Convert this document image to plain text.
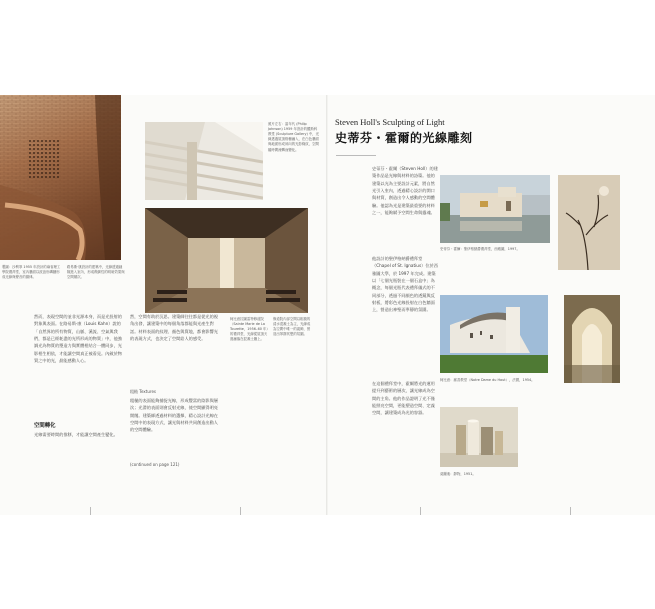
照片左右：當年代 (Philip Johnson) 1959 年設計的羅斯科教堂 (Sculpture Gallery) 中，光線透過屋頂格柵灑入，在白色牆面與地面形成斜向的光影條紋，空間隨時間流轉而變化。
製圖：沙利寧 1955 年設計的麻省理工學院禮拜堂，室內牆面以波浪形磚牆形成光線與聲音的韻律。
路易斯·康設計的建築中，光線透過縫隙進入室內，形成戲劇性的明暗效果與空間層次。
柯比意拉圖雷特修道院（Sainte Marie de La Tourette，1956–60 年）的禮拜堂，光線從屋頂天窗灑落在混凝土牆上。
修道院內部空間以粗糙的清水混凝土為主，光線成為空間中唯一的裝飾，營造出寧靜冥想的氛圍。
然而，表現空間的並非光源本身，而是光投射的對象與表面。在路易斯·康（Louis Kahn）說的「自然界的所有物質，山脈、溪流、空氣與我們，都是已經耗盡的光所形成的物質」中，他強調光為物質的塑造力與實體相結合一體同步，光影相生相依，才能讓空間真正被看見。內斂於物質之中的光，最能感動人心。
空間轉化
光線需要時間的推移，才能讓空間產生變化。
然，空間有助於沉思。建築師往往都是從光的視角出發，讓建築中的每個角落都能與光產生對話。材料表面的紋理、顏色與質地，都會影響光的表現方式，也決定了空間給人的感受。
粗糙 Textures
粗糙的表面能夠捕捉光線，形成豐富的陰影與層次；光滑的表面則會反射光線，使空間顯得明亮開闊。建築師透過材料的選擇，精心設計光線在空間中的表現方式，讓光與材料共同創造出動人的空間體驗。
(continued on page 121)
Steven Holl's Sculpting of Light
史蒂芬・霍爾的光線雕刻
史蒂芬・霍爾（Steven Holl）的建築作品是光線與材料的詩篇。他的建築以光為主要設計元素，將自然光引入室內，透過精心設計的開口與材質，創造出令人感動的空間體驗。他認為光是建築最重要的材料之一，能夠賦予空間生命與靈魂。
他設計的聖伊格納爵禮拜堂（Chapel of St. Ignatius）位於西雅圖大學，於 1997 年完成。建築以「七個光瓶裝在一個石盒中」為概念，每個光瓶代表禮拜儀式的不同部分，透過不同顏色的透鏡與反射板，將彩色光線投射在白色牆面上，營造出神聖而寧靜的氛圍。
在這個禮拜堂中，霍爾將光的運用提升到藝術的層次，讓光線成為空間的主角。他的作品證明了光不僅能照亮空間，更能塑造空間、定義空間，讓建築成為光的容器。
史蒂芬・霍爾：聖伊格納爵禮拜堂，西雅圖，1997。
柯比意：廊香教堂（Notre Dame du Haut），法國，1954。
莫蘭迪：靜物，1951。
